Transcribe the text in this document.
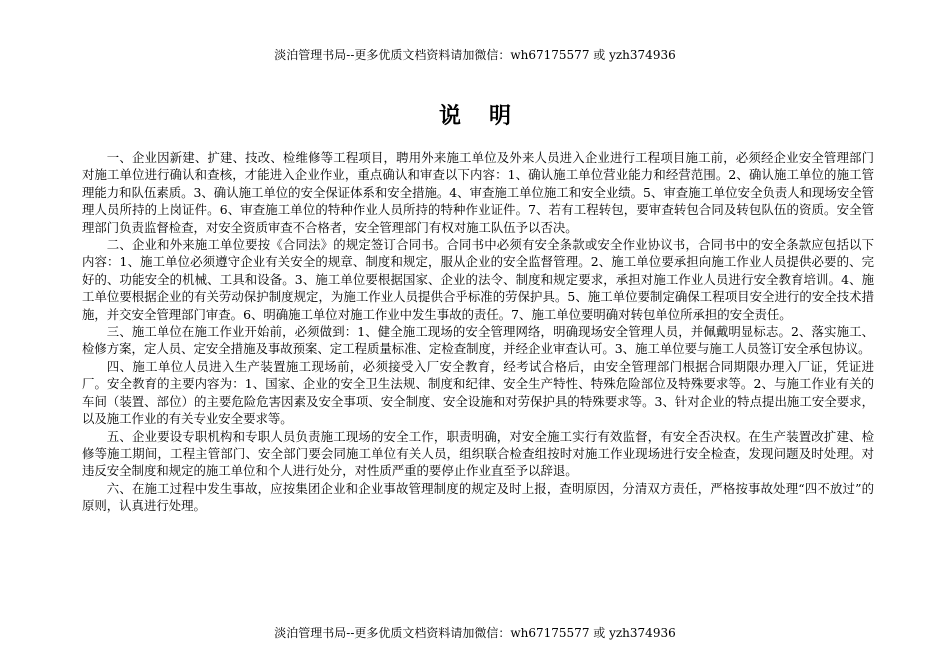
淡泊管理书局--更多优质文档资料请加微信：wh67175577 或 yzh374936
说明

一、企业因新建、扩建、技改、检维修等工程项目，聘用外来施工单位及外来人员进入企业进行工程项目施工前，必须经企业安全管理部门对施工单位进行确认和查核，才能进入企业作业，重点确认和审查以下内容：1、确认施工单位营业能力和经营范围。2、确认施工单位的施工管理能力和队伍素质。3、确认施工单位的安全保证体系和安全措施。4、审查施工单位施工和安全业绩。5、审查施工单位安全负责人和现场安全管理人员所持的上岗证件。6、审查施工单位的特种作业人员所持的特种作业证件。7、若有工程转包，要审查转包合同及转包队伍的资质。安全管理部门负责监督检查，对安全资质审查不合格者，安全管理部门有权对施工队伍予以否决。

二、企业和外来施工单位要按《合同法》的规定签订合同书。合同书中必须有安全条款或安全作业协议书，合同书中的安全条款应包括以下内容：1、施工单位必须遵守企业有关安全的规章、制度和规定，服从企业的安全监督管理。2、施工单位要承担向施工作业人员提供必要的、完好的、功能安全的机械、工具和设备。3、施工单位要根据国家、企业的法令、制度和规定要求，承担对施工作业人员进行安全教育培训。4、施工单位要根据企业的有关劳动保护制度规定，为施工作业人员提供合乎标准的劳保护具。5、施工单位要制定确保工程项目安全进行的安全技术措施，并交安全管理部门审查。6、明确施工单位对施工作业中发生事故的责任。7、施工单位要明确对转包单位所承担的安全责任。

三、施工单位在施工作业开始前，必须做到：1、健全施工现场的安全管理网络，明确现场安全管理人员，并佩戴明显标志。2、落实施工、检修方案，定人员、定安全措施及事故预案、定工程质量标准、定检查制度，并经企业审查认可。3、施工单位要与施工人员签订安全承包协议。

四、施工单位人员进入生产装置施工现场前，必须接受入厂安全教育，经考试合格后，由安全管理部门根据合同期限办理入厂证，凭证进厂。安全教育的主要内容为：1、国家、企业的安全卫生法规、制度和纪律、安全生产特性、特殊危险部位及特殊要求等。2、与施工作业有关的车间（装置、部位）的主要危险危害因素及安全事项、安全制度、安全设施和对劳保护具的特殊要求等。3、针对企业的特点提出施工安全要求，以及施工作业的有关专业安全要求等。

五、企业要设专职机构和专职人员负责施工现场的安全工作，职责明确，对安全施工实行有效监督，有安全否决权。在生产装置改扩建、检修等施工期间，工程主管部门、安全部门要会同施工单位有关人员，组织联合检查组按时对施工作业现场进行安全检查，发现问题及时处理。对违反安全制度和规定的施工单位和个人进行处分，对性质严重的要停止作业直至予以辞退。

六、在施工过程中发生事故，应按集团企业和企业事故管理制度的规定及时上报，查明原因，分清双方责任，严格按事故处理“四不放过”的原则，认真进行处理。

淡泊管理书局--更多优质文档资料请加微信：wh67175577 或 yzh374936
